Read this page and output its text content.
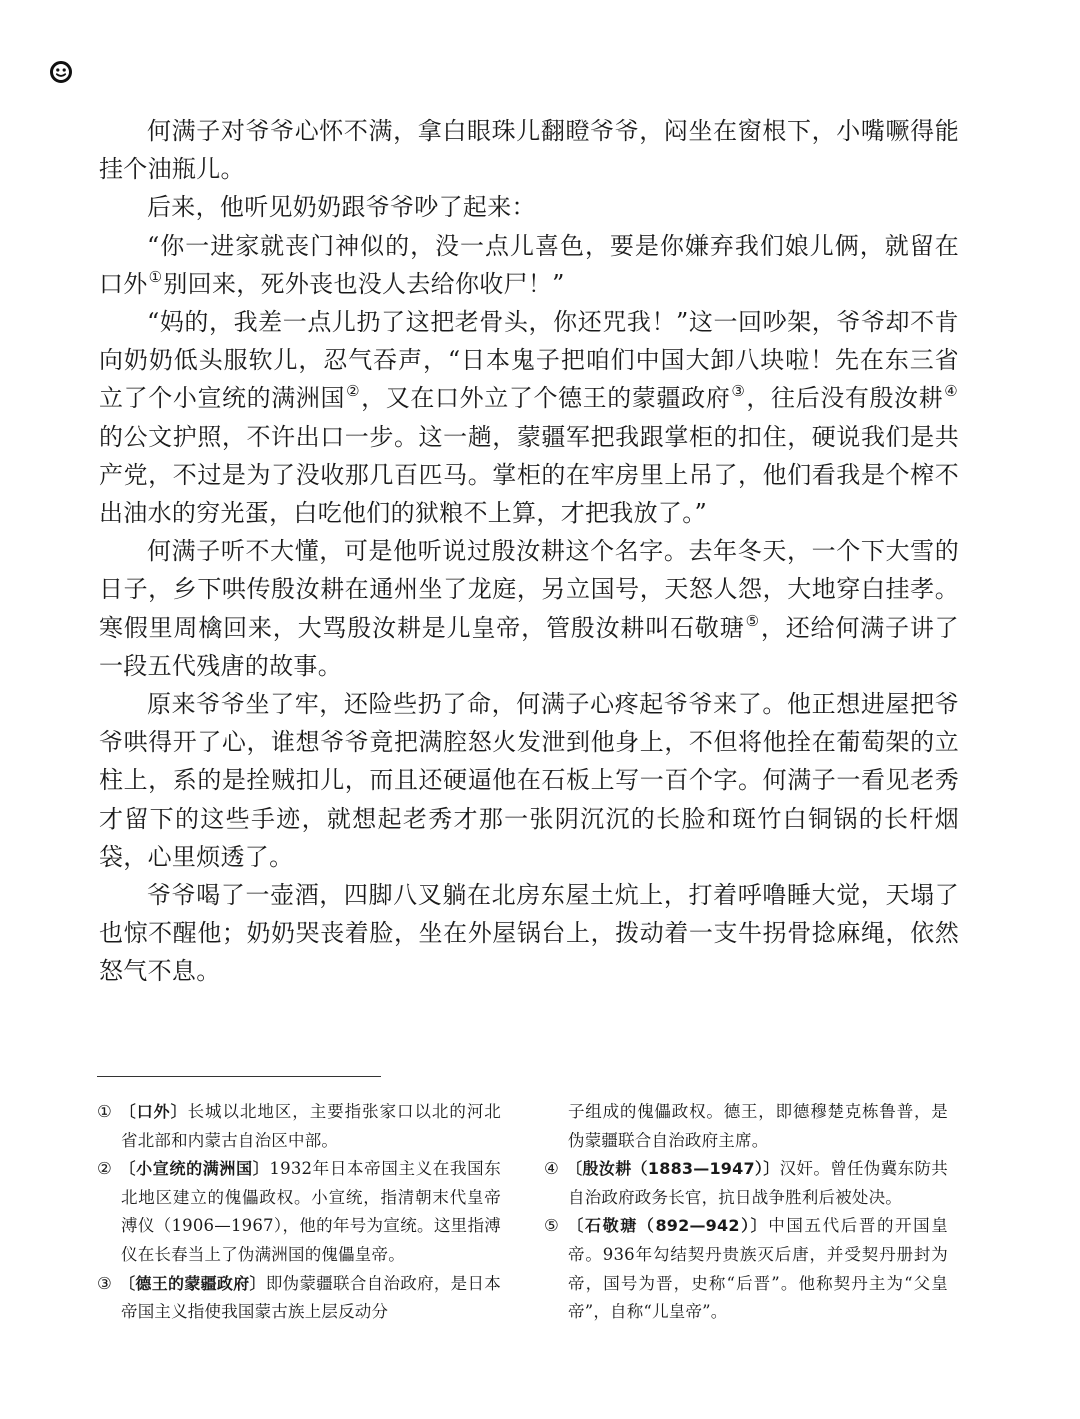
何满子对爷爷心怀不满，拿白眼珠儿翻瞪爷爷，闷坐在窗根下，小嘴噘得能挂个油瓶儿。

后来，他听见奶奶跟爷爷吵了起来：

“你一进家就丧门神似的，没一点儿喜色，要是你嫌弃我们娘儿俩，就留在口外①别回来，死外丧也没人去给你收尸！”

“妈的，我差一点儿扔了这把老骨头，你还咒我！”这一回吵架，爷爷却不肯向奶奶低头服软儿，忍气吞声，“日本鬼子把咱们中国大卸八块啦！先在东三省立了个小宣统的满洲国②，又在口外立了个德王的蒙疆政府③，往后没有殷汝耕④的公文护照，不许出口一步。这一趟，蒙疆军把我跟掌柜的扣住，硬说我们是共产党，不过是为了没收那几百匹马。掌柜的在牢房里上吊了，他们看我是个榨不出油水的穷光蛋，白吃他们的狱粮不上算，才把我放了。”

何满子听不大懂，可是他听说过殷汝耕这个名字。去年冬天，一个下大雪的日子，乡下哄传殷汝耕在通州坐了龙庭，另立国号，天怒人怨，大地穿白挂孝。寒假里周檎回来，大骂殷汝耕是儿皇帝，管殷汝耕叫石敬瑭⑤，还给何满子讲了一段五代残唐的故事。

原来爷爷坐了牢，还险些扔了命，何满子心疼起爷爷来了。他正想进屋把爷爷哄得开了心，谁想爷爷竟把满腔怒火发泄到他身上，不但将他拴在葡萄架的立柱上，系的是拴贼扣儿，而且还硬逼他在石板上写一百个字。何满子一看见老秀才留下的这些手迹，就想起老秀才那一张阴沉沉的长脸和斑竹白铜锅的长杆烟袋，心里烦透了。

爷爷喝了一壶酒，四脚八叉躺在北房东屋土炕上，打着呼噜睡大觉，天塌了也惊不醒他；奶奶哭丧着脸，坐在外屋锅台上，拨动着一支牛拐骨捻麻绳，依然怒气不息。

① 〔口外〕长城以北地区，主要指张家口以北的河北省北部和内蒙古自治区中部。

② 〔小宣统的满洲国〕1932年日本帝国主义在我国东北地区建立的傀儡政权。小宣统，指清朝末代皇帝溥仪（1906—1967），他的年号为宣统。这里指溥仪在长春当上了伪满洲国的傀儡皇帝。

③ 〔德王的蒙疆政府〕即伪蒙疆联合自治政府，是日本帝国主义指使我国蒙古族上层反动分

子组成的傀儡政权。德王，即德穆楚克栋鲁普，是伪蒙疆联合自治政府主席。

④ 〔殷汝耕（1883—1947）〕汉奸。曾任伪冀东防共自治政府政务长官，抗日战争胜利后被处决。

⑤ 〔石敬瑭（892—942）〕中国五代后晋的开国皇帝。936年勾结契丹贵族灭后唐，并受契丹册封为帝，国号为晋，史称“后晋”。他称契丹主为“父皇帝”，自称“儿皇帝”。
